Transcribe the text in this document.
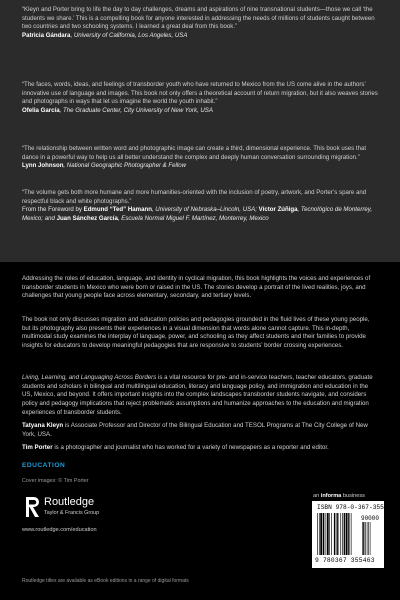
“Kleyn and Porter bring to life the day to day challenges, dreams and aspirations of nine transnational students—those we call ‘the students we share.’ This is a compelling book for anyone interested in addressing the needs of millions of students caught between two countries and two schooling systems. I learned a great deal from this book.”
Patricia Gándara, University of California, Los Angeles, USA
“The faces, words, ideas, and feelings of transborder youth who have returned to Mexico from the US come alive in the authors’ innovative use of language and images. This book not only offers a theoretical account of return migration, but it also weaves stories and photographs in ways that let us imagine the world the youth inhabit.”
Ofelia García, The Graduate Center, City University of New York, USA
“The relationship between written word and photographic image can create a third, dimensional experience. This book uses that dance in a powerful way to help us all better understand the complex and deeply human conversation surrounding migration.”
Lynn Johnson, National Geographic Photographer & Fellow
“The volume gets both more humane and more humanities-oriented with the inclusion of poetry, artwork, and Porter’s spare and respectful black and white photographs.”
From the Foreword by Edmund “Ted” Hamann, University of Nebraska–Lincoln, USA; Víctor Zúñiga, Tecnológico de Monterrey, Mexico; and Juan Sánchez García, Escuela Normal Miguel F. Martínez, Monterrey, Mexico
Addressing the roles of education, language, and identity in cyclical migration, this book highlights the voices and experiences of transborder students in Mexico who were born or raised in the US. The stories develop a portrait of the lived realities, joys, and challenges that young people face across elementary, secondary, and tertiary levels.
The book not only discusses migration and education policies and pedagogies grounded in the fluid lives of these young people, but its photography also presents their experiences in a visual dimension that words alone cannot capture. This in-depth, multimodal study examines the interplay of language, power, and schooling as they affect students and their families to provide insights for educators to develop meaningful pedagogies that are responsive to students’ border crossing experiences.
Living, Learning, and Languaging Across Borders is a vital resource for pre- and in-service teachers, teacher educators, graduate students and scholars in bilingual and multilingual education, literacy and language policy, and immigration and education in the US, Mexico, and beyond. It offers important insights into the complex landscapes transborder students navigate, and considers policy and pedagogy implications that reject problematic assumptions and humanize approaches to the education and migration experiences of transborder students.
Tatyana Kleyn is Associate Professor and Director of the Bilingual Education and TESOL Programs at The City College of New York, USA.
Tim Porter is a photographer and journalist who has worked for a variety of newspapers as a reporter and editor.
EDUCATION
Cover images: © Tim Porter
Routledge
Taylor & Francis Group
www.routledge.com/education
Routledge titles are available as eBook editions in a range of digital formats
an informa business
ISBN 978-0-367-35546-3
90000
9 780367 355463
